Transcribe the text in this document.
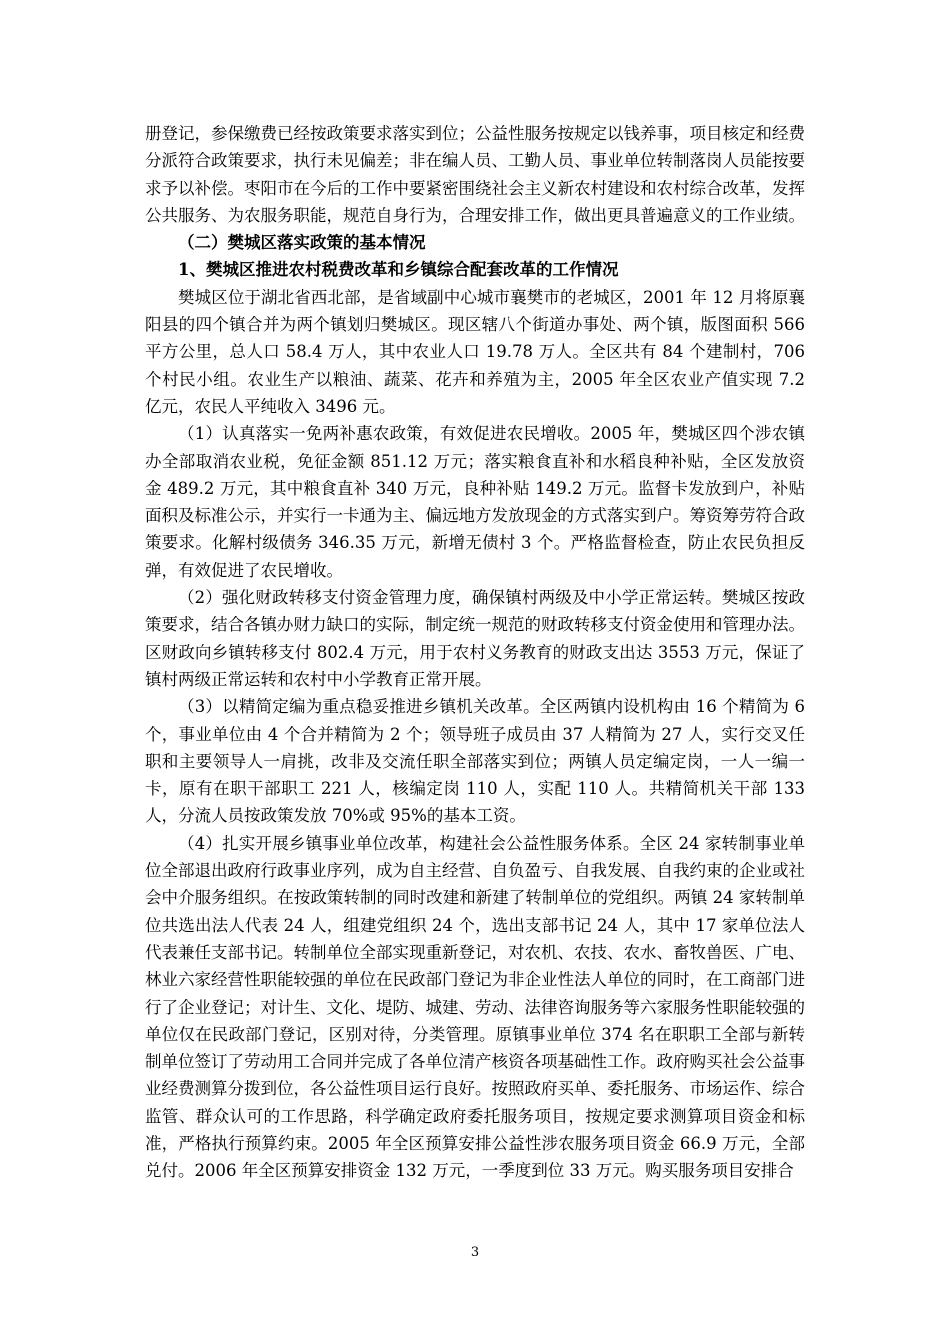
册登记，参保缴费已经按政策要求落实到位；公益性服务按规定以钱养事，项目核定和经费分派符合政策要求，执行未见偏差；非在编人员、工勤人员、事业单位转制落岗人员能按要求予以补偿。枣阳市在今后的工作中要紧密围绕社会主义新农村建设和农村综合改革，发挥公共服务、为农服务职能，规范自身行为，合理安排工作，做出更具普遍意义的工作业绩。

（二）樊城区落实政策的基本情况

1、樊城区推进农村税费改革和乡镇综合配套改革的工作情况

樊城区位于湖北省西北部，是省域副中心城市襄樊市的老城区，2001 年 12 月将原襄阳县的四个镇合并为两个镇划归樊城区。现区辖八个街道办事处、两个镇，版图面积 566 平方公里，总人口 58.4 万人，其中农业人口 19.78 万人。全区共有 84 个建制村，706 个村民小组。农业生产以粮油、蔬菜、花卉和养殖为主，2005 年全区农业产值实现 7.2 亿元，农民人平纯收入 3496 元。

（1）认真落实一免两补惠农政策，有效促进农民增收。2005 年，樊城区四个涉农镇办全部取消农业税，免征金额 851.12 万元；落实粮食直补和水稻良种补贴，全区发放资金 489.2 万元，其中粮食直补 340 万元，良种补贴 149.2 万元。监督卡发放到户，补贴面积及标准公示，并实行一卡通为主、偏远地方发放现金的方式落实到户。筹资筹劳符合政策要求。化解村级债务 346.35 万元，新增无债村 3 个。严格监督检查，防止农民负担反弹，有效促进了农民增收。

（2）强化财政转移支付资金管理力度，确保镇村两级及中小学正常运转。樊城区按政策要求，结合各镇办财力缺口的实际，制定统一规范的财政转移支付资金使用和管理办法。区财政向乡镇转移支付 802.4 万元，用于农村义务教育的财政支出达 3553 万元，保证了镇村两级正常运转和农村中小学教育正常开展。

（3）以精简定编为重点稳妥推进乡镇机关改革。全区两镇内设机构由 16 个精简为 6 个，事业单位由 4 个合并精简为 2 个；领导班子成员由 37 人精简为 27 人，实行交叉任职和主要领导人一肩挑，改非及交流任职全部落实到位；两镇人员定编定岗，一人一编一卡，原有在职干部职工 221 人，核编定岗 110 人，实配 110 人。共精简机关干部 133 人，分流人员按政策发放 70%或 95%的基本工资。

（4）扎实开展乡镇事业单位改革，构建社会公益性服务体系。全区 24 家转制事业单位全部退出政府行政事业序列，成为自主经营、自负盈亏、自我发展、自我约束的企业或社会中介服务组织。在按政策转制的同时改建和新建了转制单位的党组织。两镇 24 家转制单位共选出法人代表 24 人，组建党组织 24 个，选出支部书记 24 人，其中 17 家单位法人代表兼任支部书记。转制单位全部实现重新登记，对农机、农技、农水、畜牧兽医、广电、林业六家经营性职能较强的单位在民政部门登记为非企业性法人单位的同时，在工商部门进行了企业登记；对计生、文化、堤防、城建、劳动、法律咨询服务等六家服务性职能较强的单位仅在民政部门登记，区别对待，分类管理。原镇事业单位 374 名在职职工全部与新转制单位签订了劳动用工合同并完成了各单位清产核资各项基础性工作。政府购买社会公益事业经费测算分拨到位，各公益性项目运行良好。按照政府买单、委托服务、市场运作、综合监管、群众认可的工作思路，科学确定政府委托服务项目，按规定要求测算项目资金和标准，严格执行预算约束。2005 年全区预算安排公益性涉农服务项目资金 66.9 万元，全部兑付。2006 年全区预算安排资金 132 万元，一季度到位 33 万元。购买服务项目安排合

3
